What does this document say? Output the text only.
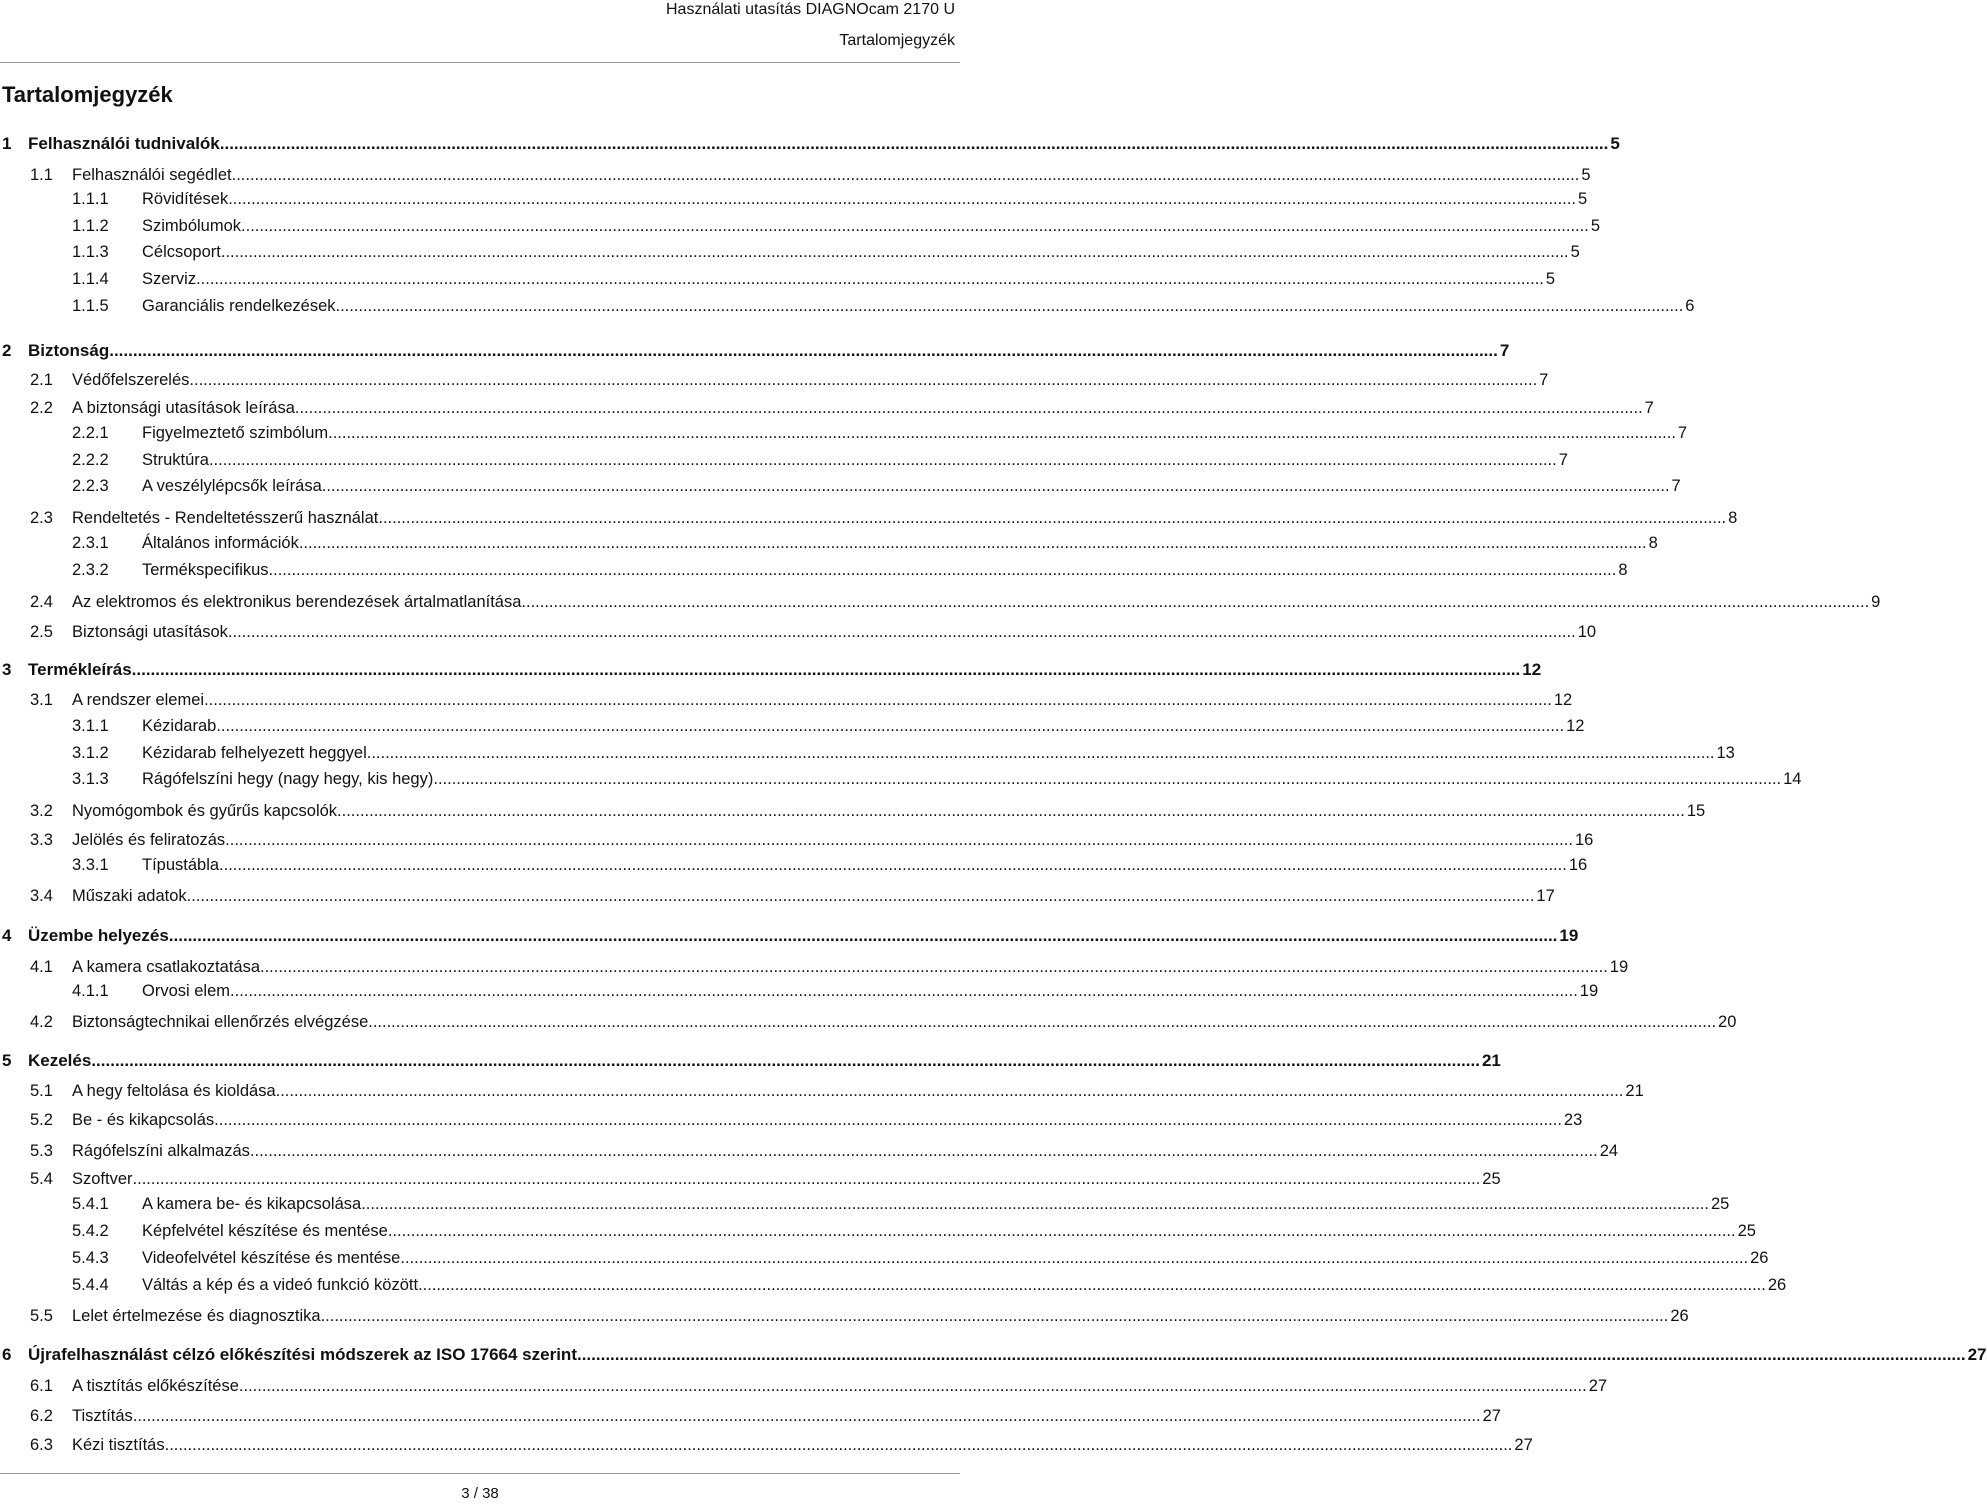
Használati utasítás DIAGNOcam 2170 U
Tartalomjegyzék
Tartalomjegyzék
1 Felhasználói tudnivalók .....	5
1.1	Felhasználói segédlet .....	5
1.1.1	Rövidítések .....	5
1.1.2	Szimbólumok .....	5
1.1.3	Célcsoport .....	5
1.1.4	Szerviz .....	5
1.1.5	Garanciális rendelkezések .....	6
2 Biztonság .....	7
2.1	Védőfelszerelés .....	7
2.2	A biztonsági utasítások leírása .....	7
2.2.1	Figyelmeztető szimbólum .....	7
2.2.2	Struktúra .....	7
2.2.3	A veszélylépcsők leírása .....	7
2.3	Rendeltetés - Rendeltetésszerű használat .....	8
2.3.1	Általános információk .....	8
2.3.2	Termékspecifikus .....	8
2.4	Az elektromos és elektronikus berendezések ártalmatlanítása .....	9
2.5	Biztonsági utasítások .....	10
3 Termékleírás .....	12
3.1	A rendszer elemei .....	12
3.1.1	Kézidarab .....	12
3.1.2	Kézidarab felhelyezett heggyel .....	13
3.1.3	Rágófelszíni hegy (nagy hegy, kis hegy) .....	14
3.2	Nyomógombok és gyűrűs kapcsolók .....	15
3.3	Jelölés és feliratozás .....	16
3.3.1	Típustábla .....	16
3.4	Műszaki adatok .....	17
4 Üzembe helyezés .....	19
4.1	A kamera csatlakoztatása .....	19
4.1.1	Orvosi elem .....	19
4.2	Biztonságtechnikai ellenőrzés elvégzése .....	20
5 Kezelés .....	21
5.1	A hegy feltolása és kioldása .....	21
5.2	Be - és kikapcsolás .....	23
5.3	Rágófelszíni alkalmazás .....	24
5.4	Szoftver .....	25
5.4.1	A kamera be- és kikapcsolása .....	25
5.4.2	Képfelvétel készítése és mentése .....	25
5.4.3	Videofelvétel készítése és mentése .....	26
5.4.4	Váltás a kép és a videó funkció között .....	26
5.5	Lelet értelmezése és diagnosztika .....	26
6 Újrafelhasználást célzó előkészítési módszerek az ISO 17664 szerint .....	27
6.1	A tisztítás előkészítése .....	27
6.2	Tisztítás .....	27
6.3	Kézi tisztítás .....	27
3 / 38
